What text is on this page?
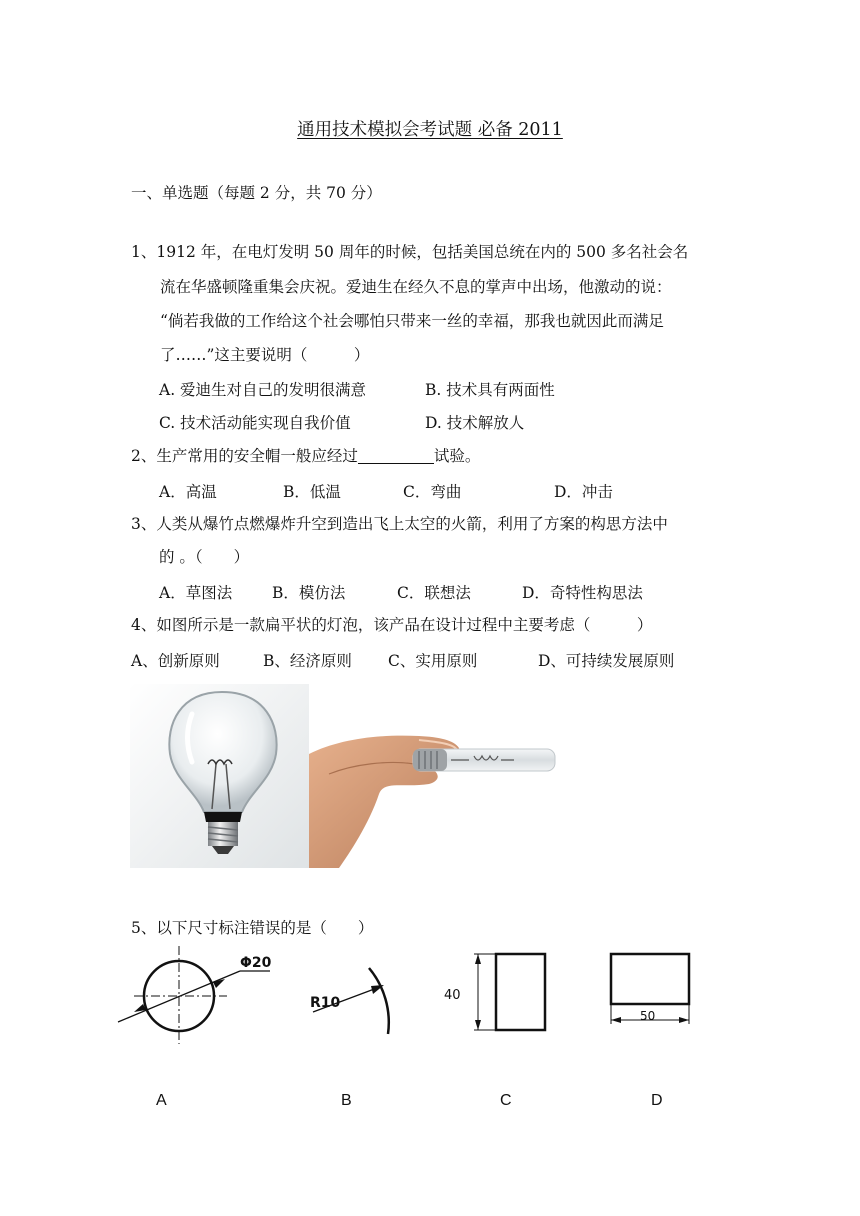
通用技术模拟会考试题 必备 2011
一、单选题（每题 2 分，共 70 分）
1、1912 年，在电灯发明 50 周年的时候，包括美国总统在内的 500 多名社会名
流在华盛顿隆重集会庆祝。爱迪生在经久不息的掌声中出场，他激动的说：
“倘若我做的工作给这个社会哪怕只带来一丝的幸福，那我也就因此而满足
了……”这主要说明（　　　）
A. 爱迪生对自己的发明很满意	B. 技术具有两面性
C. 技术活动能实现自我价值	D. 技术解放人
2、生产常用的安全帽一般应经过	试验。
A．高温	B．低温	C．弯曲	D．冲击
3、人类从爆竹点燃爆炸升空到造出飞上太空的火箭，利用了方案的构思方法中
的 。（　　）
A．草图法	B．模仿法	C．联想法	D．奇特性构思法
4、如图所示是一款扁平状的灯泡，该产品在设计过程中主要考虑（　　　）
A、创新原则	B、经济原则 C、实用原则	D、可持续发展原则
5、以下尺寸标注错误的是（　　）
Φ20
R10	40
50
A	B	C	D
